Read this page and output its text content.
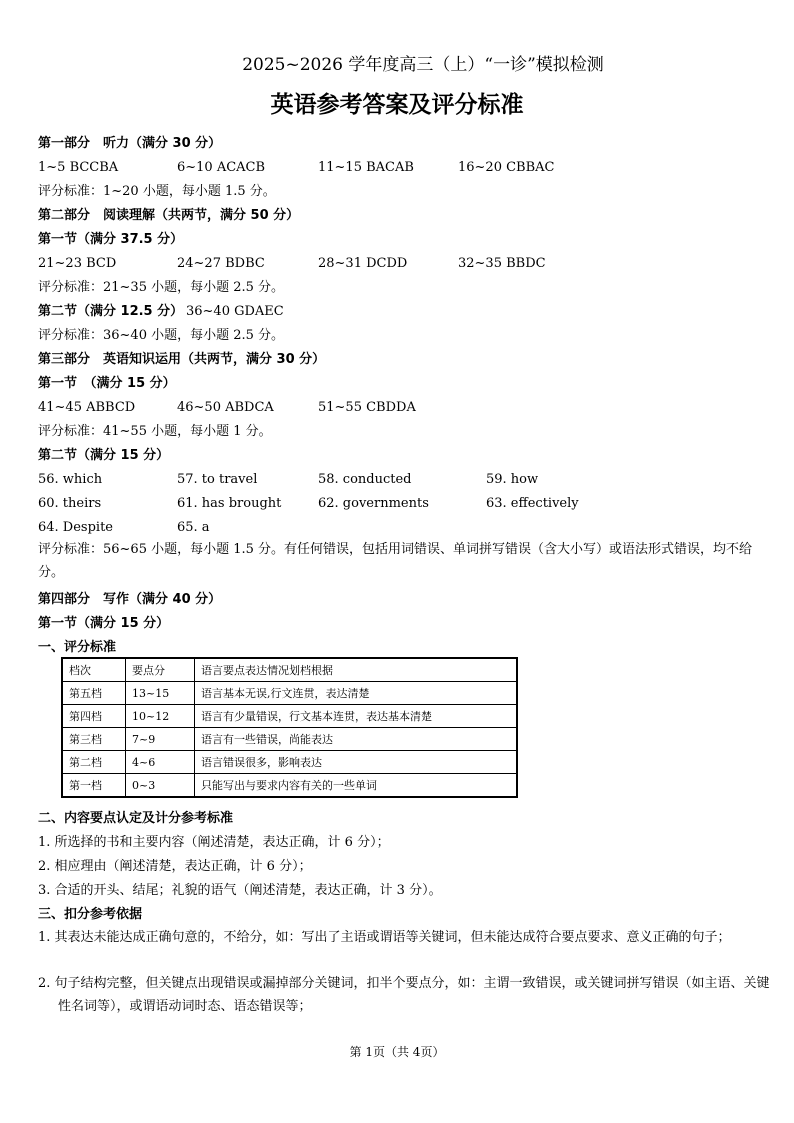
2025~2026 学年度高三（上）“一诊”模拟检测
英语参考答案及评分标准
第一部分　听力（满分 30 分）
1~5 BCCBA	6~10 ACACB	11~15 BACAB	16~20 CBBAC
评分标准：1~20 小题，每小题 1.5 分。
第二部分　阅读理解（共两节，满分 50 分）
第一节（满分 37.5 分）
21~23 BCD	24~27 BDBC	28~31 DCDD	32~35 BBDC
评分标准：21~35 小题，每小题 2.5 分。
第二节（满分 12.5 分） 36~40 GDAEC
评分标准：36~40 小题，每小题 2.5 分。
第三部分　英语知识运用（共两节，满分 30 分）
第一节　（满分 15 分）
41~45 ABBCD	46~50 ABDCA	51~55 CBDDA
评分标准：41~55 小题，每小题 1 分。
第二节（满分 15 分）
56. which	57. to travel	58. conducted	59. how
60. theirs	61. has brought	62. governments	63. effectively
64. Despite	65. a
评分标准：56~65 小题，每小题 1.5 分。有任何错误，包括用词错误、单词拼写错误（含大小写）或语法形式错误，均不给分。
第四部分　写作（满分 40 分）
第一节（满分 15 分）
一、评分标准
档次	要点分	语言要点表达情况划档根据
第五档	13~15	语言基本无误,行文连贯，表达清楚
第四档	10~12	语言有少量错误，行文基本连贯，表达基本清楚
第三档	7~9	语言有一些错误，尚能表达
第二档	4~6	语言错误很多，影响表达
第一档	0~3	只能写出与要求内容有关的一些单词
二、内容要点认定及计分参考标准
1. 所选择的书和主要内容（阐述清楚，表达正确，计 6 分）；
2. 相应理由（阐述清楚，表达正确，计 6 分）；
3. 合适的开头、结尾；礼貌的语气（阐述清楚，表达正确，计 3 分）。
三、扣分参考依据
1. 其表达未能达成正确句意的，不给分，如：写出了主语或谓语等关键词，但未能达成符合要点要求、意义正确的句子；
2. 句子结构完整，但关键点出现错误或漏掉部分关键词，扣半个要点分，如：主谓一致错误，或关键词拼写错误（如主语、关键性名词等），或谓语动词时态、语态错误等；
第 1页（共 4页）
